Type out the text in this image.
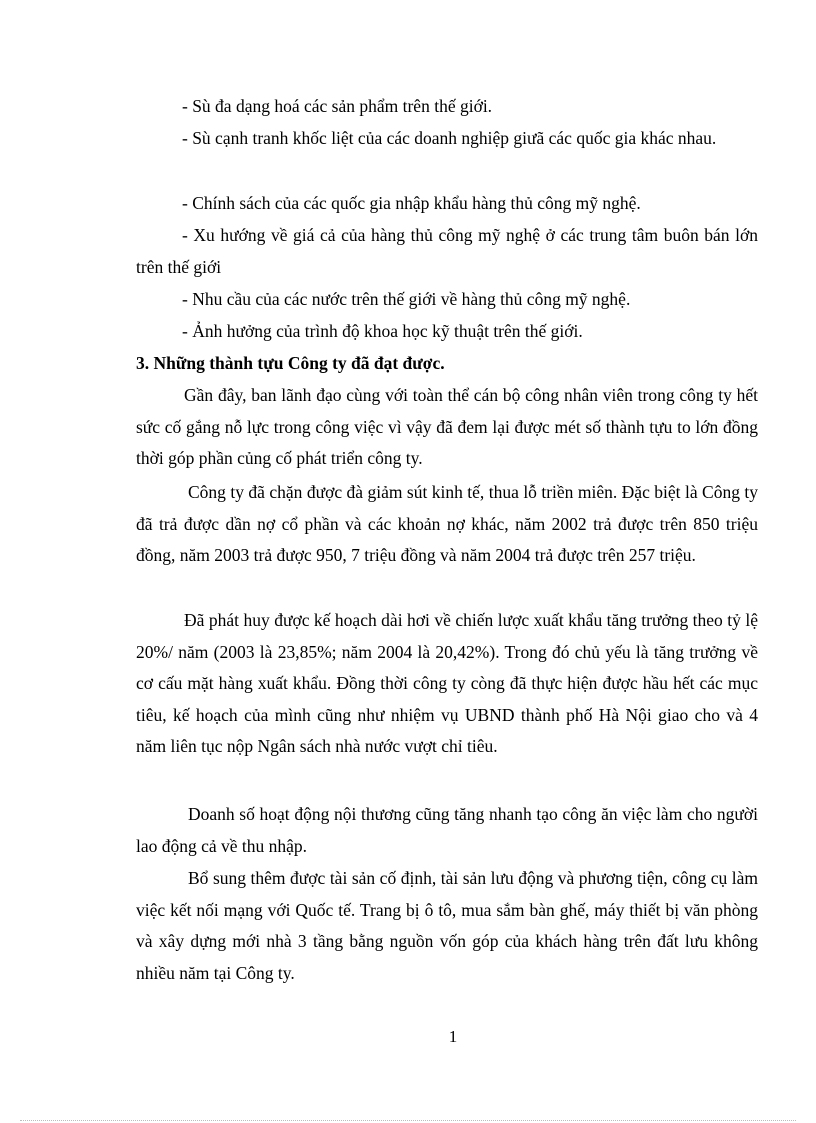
- Sù đa dạng hoá các sản phẩm trên thế giới.

- Sù cạnh tranh khốc liệt của các doanh nghiệp giưã các quốc gia khác nhau.

- Chính sách của các quốc gia nhập khẩu hàng thủ công mỹ nghệ.

- Xu hướng về giá cả của hàng thủ công mỹ nghệ ở các trung tâm buôn bán lớn trên thế giới

- Nhu cầu của các nước trên thế giới về hàng thủ công mỹ nghệ.

- Ảnh hưởng của trình độ khoa học kỹ thuật trên thế giới.

3. Những thành tựu Công ty đã đạt được.

Gần đây, ban lãnh đạo cùng với toàn thể cán bộ công nhân viên trong công ty hết sức cố gắng nỗ lực trong công việc vì vậy đã đem lại được mét số thành tựu to lớn đồng thời góp phần củng cố phát triển công ty.

Công ty đã chặn được đà giảm sút kinh tế, thua lỗ triền miên. Đặc biệt là Công ty đã trả được dần nợ cổ phần và các khoản nợ khác, năm 2002 trả được trên 850 triệu đồng, năm 2003 trả được 950, 7 triệu đồng và năm 2004 trả được trên 257 triệu.

Đã phát huy được kế hoạch dài hơi về chiến lược xuất khẩu tăng trưởng theo tỷ lệ 20%/ năm (2003 là 23,85%; năm 2004 là 20,42%). Trong đó chủ yếu là tăng trưởng về cơ cấu mặt hàng xuất khẩu. Đồng thời công ty còng đã thực hiện được hầu hết các mục tiêu, kế hoạch của mình cũng như nhiệm vụ UBND thành phố Hà Nội giao cho và 4 năm liên tục nộp Ngân sách nhà nước vượt chỉ tiêu.

Doanh số hoạt động nội thương cũng tăng nhanh tạo công ăn việc làm cho người lao động cả về thu nhập.

Bổ sung thêm được tài sản cố định, tài sản lưu động và phương tiện, công cụ làm việc kết nối mạng với Quốc tế. Trang bị ô tô, mua sắm bàn ghế, máy thiết bị văn phòng và xây dựng mới nhà 3 tầng bằng nguồn vốn góp của khách hàng trên đất lưu không nhiều năm tại Công ty.

1
